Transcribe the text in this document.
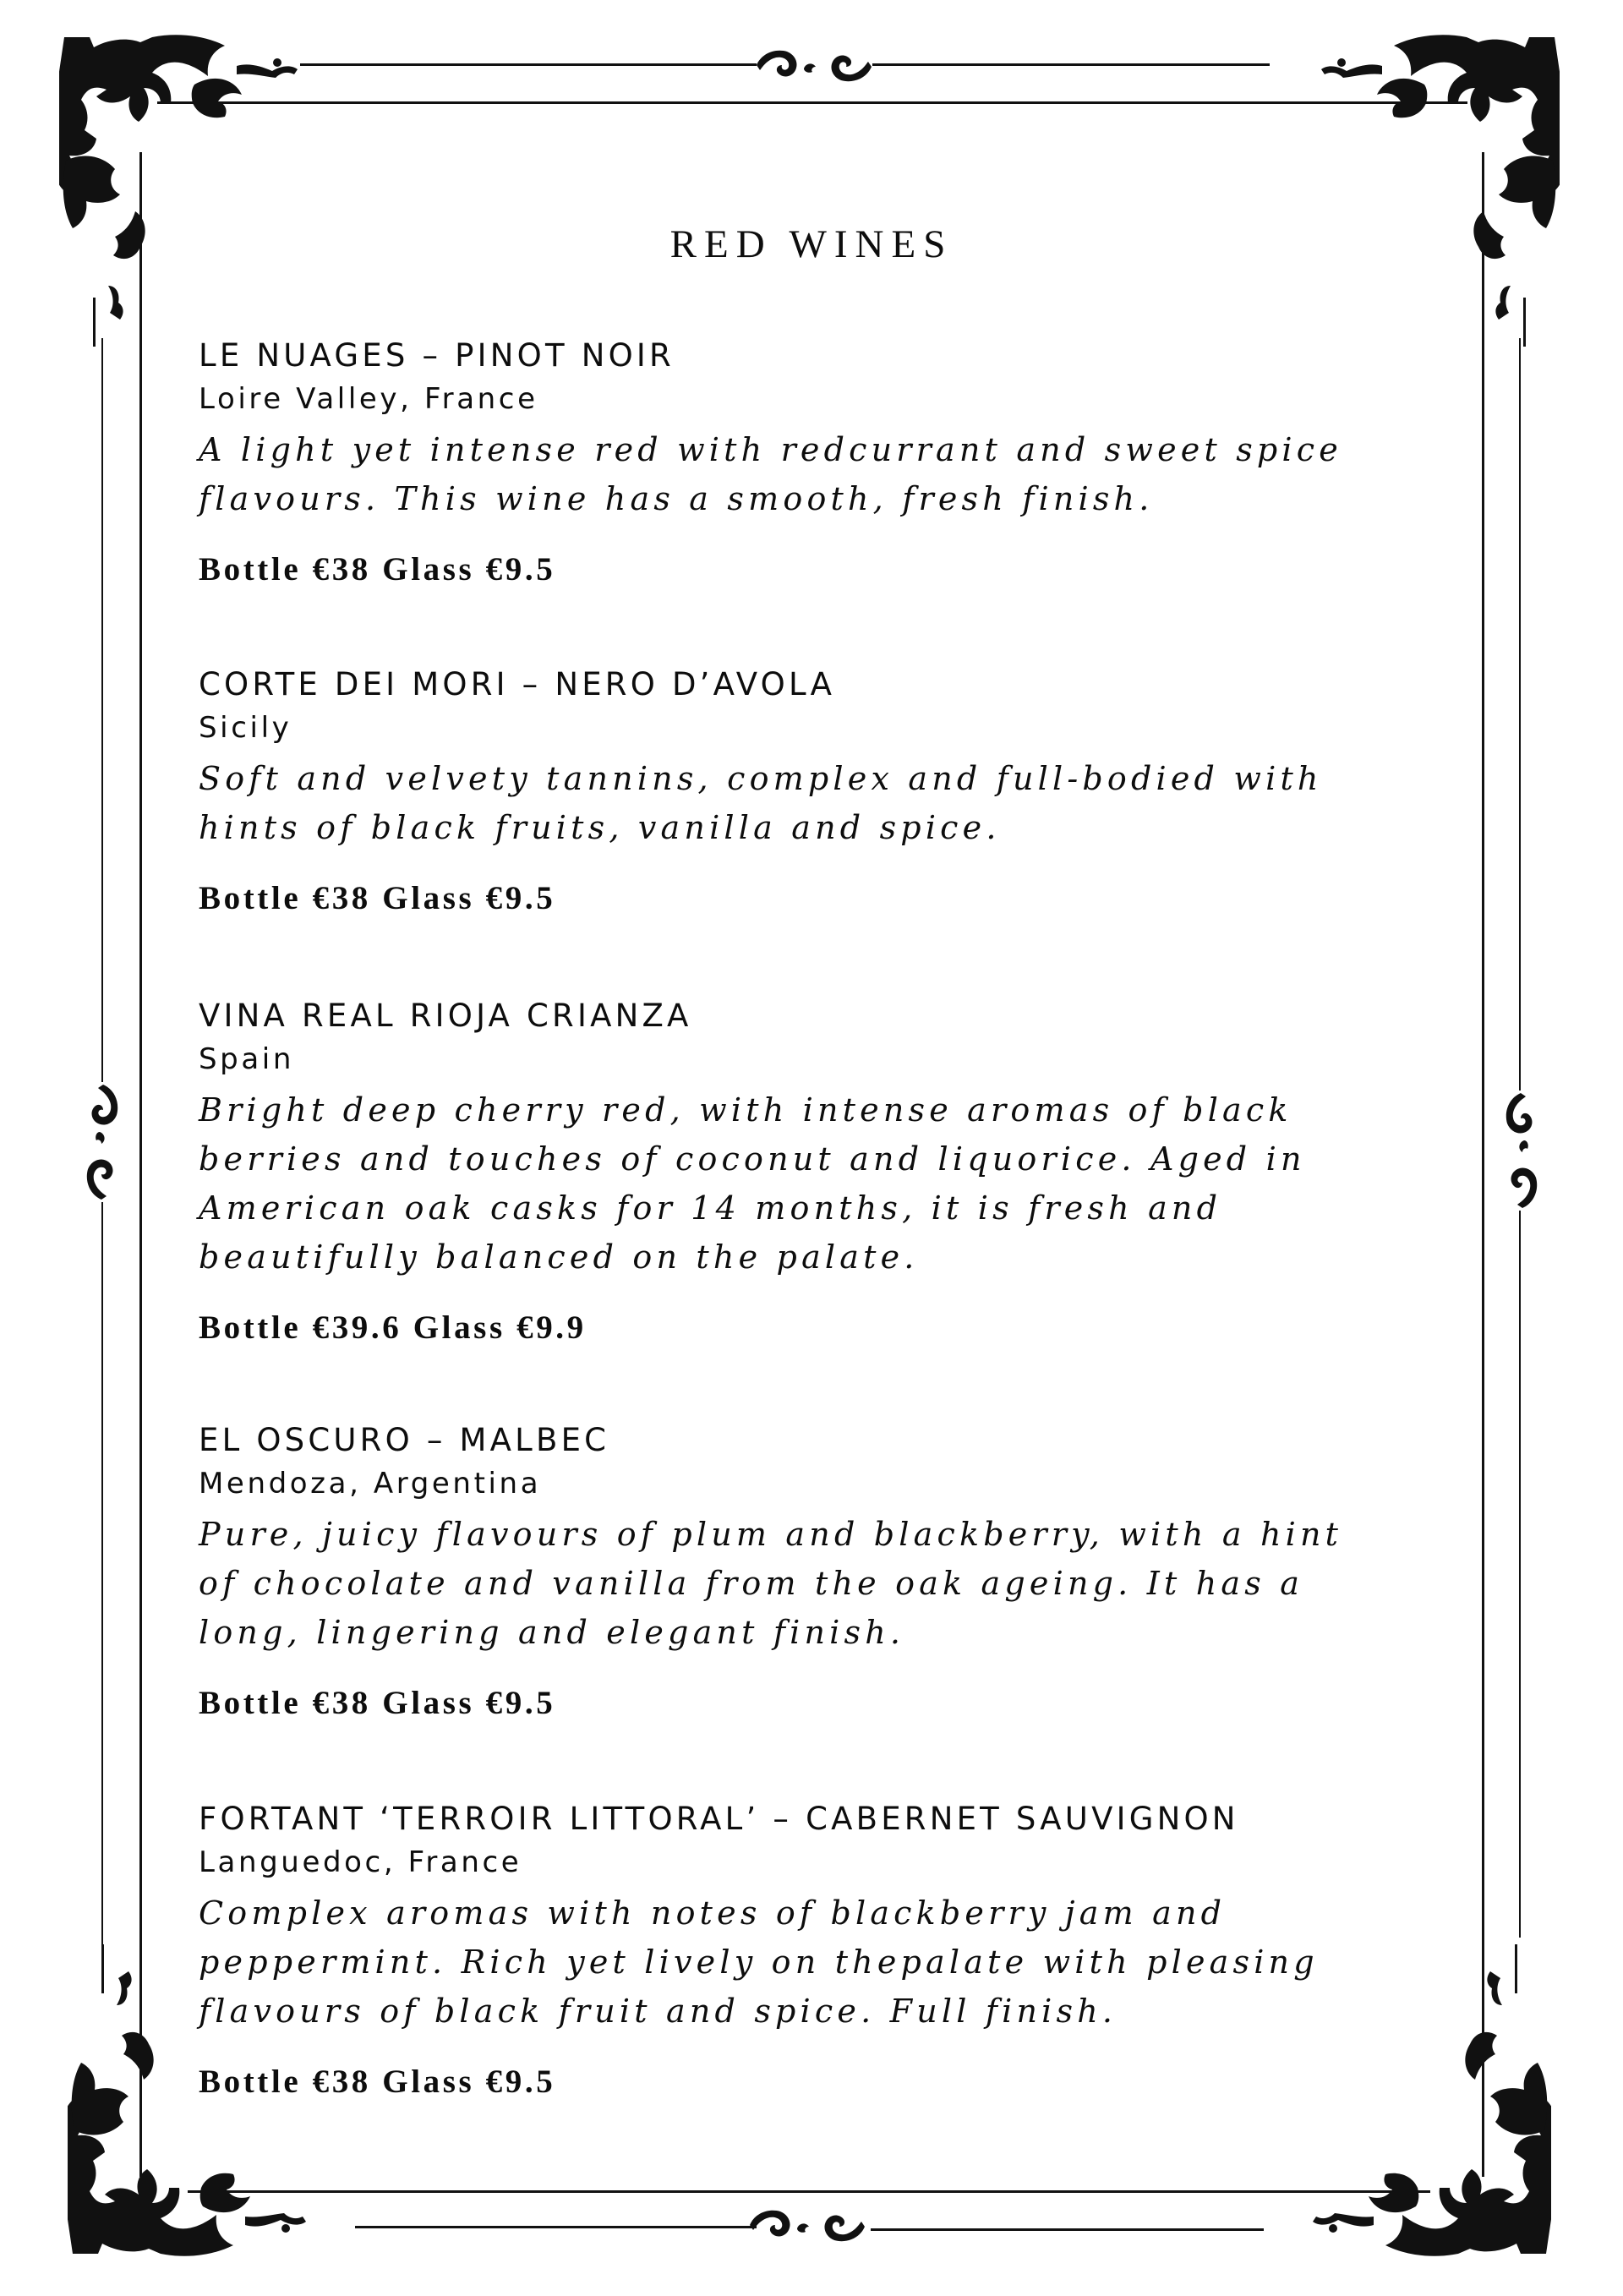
RED WINES
LE NUAGES – PINOT NOIR
Loire Valley, France
A light yet intense red with redcurrant and sweet spice
flavours. This wine has a smooth, fresh finish.
Bottle €38 Glass €9.5
CORTE DEI MORI – NERO D’AVOLA
Sicily
Soft and velvety tannins, complex and full-bodied with
hints of black fruits, vanilla and spice.
Bottle €38 Glass €9.5
VINA REAL RIOJA CRIANZA
Spain
Bright deep cherry red, with intense aromas of black
berries and touches of coconut and liquorice. Aged in
American oak casks for 14 months, it is fresh and
beautifully balanced on the palate.
Bottle €39.6 Glass €9.9
EL OSCURO – MALBEC
Mendoza, Argentina
Pure, juicy flavours of plum and blackberry, with a hint
of chocolate and vanilla from the oak ageing. It has a
long, lingering and elegant finish.
Bottle €38 Glass €9.5
FORTANT ‘TERROIR LITTORAL’ – CABERNET SAUVIGNON
Languedoc, France
Complex aromas with notes of blackberry jam and
peppermint. Rich yet lively on thepalate with pleasing
flavours of black fruit and spice. Full finish.
Bottle €38 Glass €9.5
